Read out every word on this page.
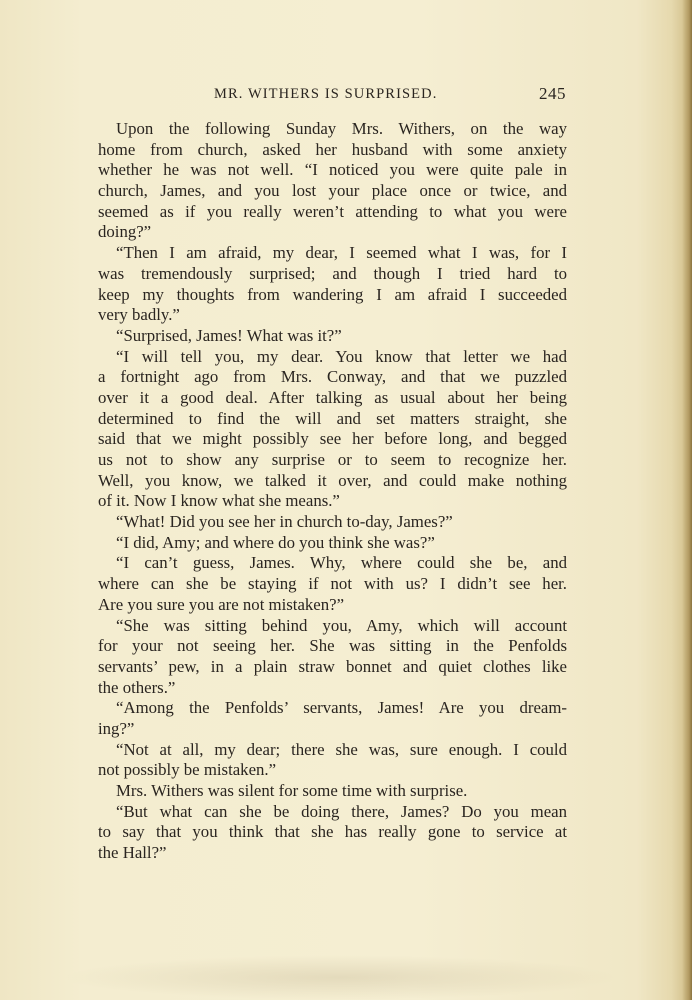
MR. WITHERS IS SURPRISED.	245
Upon the following Sunday Mrs. Withers, on the way
home from church, asked her husband with some anxiety
whether he was not well. “I noticed you were quite pale in
church, James, and you lost your place once or twice, and
seemed as if you really weren’t attending to what you were
doing?”
“Then I am afraid, my dear, I seemed what I was, for I
was tremendously surprised; and though I tried hard to
keep my thoughts from wandering I am afraid I succeeded
very badly.”
“Surprised, James! What was it?”
“I will tell you, my dear. You know that letter we had
a fortnight ago from Mrs. Conway, and that we puzzled
over it a good deal. After talking as usual about her being
determined to find the will and set matters straight, she
said that we might possibly see her before long, and begged
us not to show any surprise or to seem to recognize her.
Well, you know, we talked it over, and could make nothing
of it. Now I know what she means.”
“What! Did you see her in church to-day, James?”
“I did, Amy; and where do you think she was?”
“I can’t guess, James. Why, where could she be, and
where can she be staying if not with us? I didn’t see her.
Are you sure you are not mistaken?”
“She was sitting behind you, Amy, which will account
for your not seeing her. She was sitting in the Penfolds
servants’ pew, in a plain straw bonnet and quiet clothes like
the others.”
“Among the Penfolds’ servants, James! Are you dream-
ing?”
“Not at all, my dear; there she was, sure enough. I could
not possibly be mistaken.”
Mrs. Withers was silent for some time with surprise.
“But what can she be doing there, James? Do you mean
to say that you think that she has really gone to service at
the Hall?”
